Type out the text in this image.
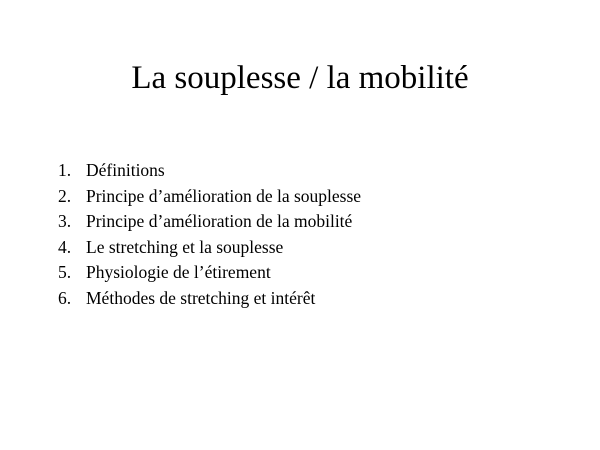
La souplesse / la mobilité
1. Définitions
2. Principe d’amélioration de la souplesse
3. Principe d’amélioration de la mobilité
4. Le stretching et la souplesse
5. Physiologie de l’étirement
6. Méthodes de stretching et intérêt
